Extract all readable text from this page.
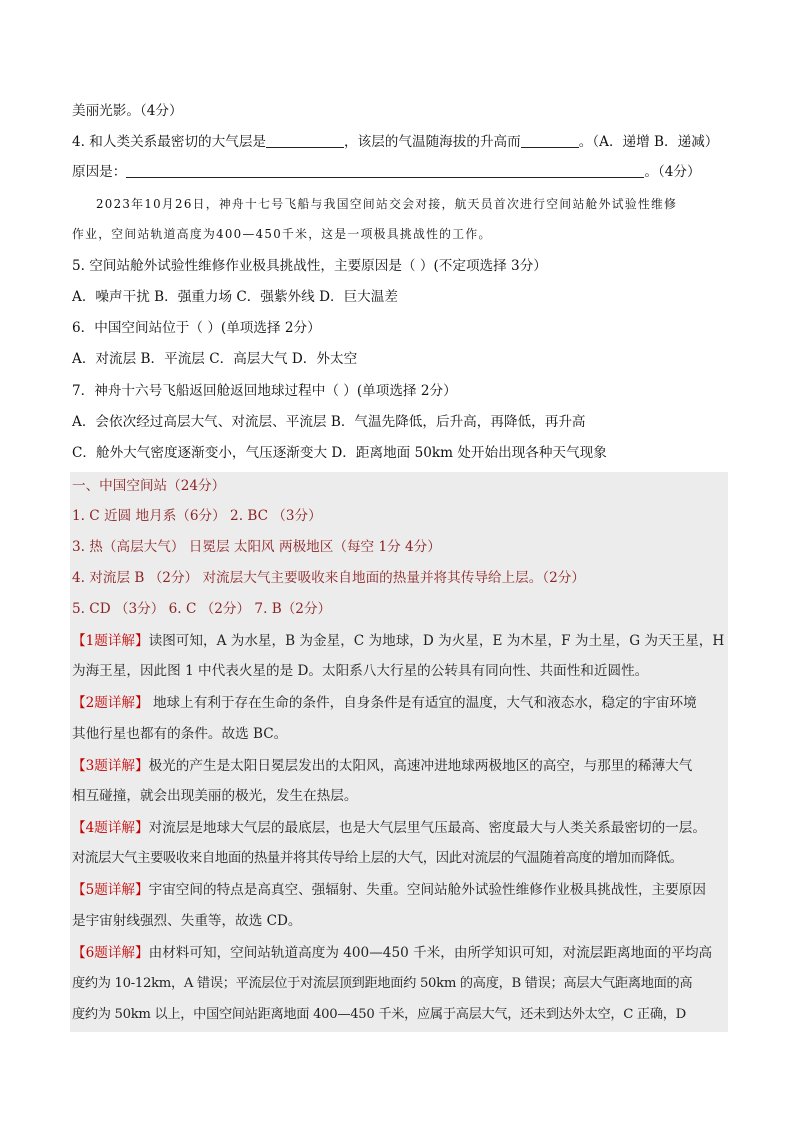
美丽光影。（4分）
4. 和人类关系最密切的大气层是	，该层的气温随海拔的升高而	。（A．递增 B．递减）
原因是：	。（4分）
2023年10月26日，神舟十七号飞船与我国空间站交会对接，航天员首次进行空间站舱外试验性维修
作业，空间站轨道高度为400—450千米，这是一项极具挑战性的工作。
5. 空间站舱外试验性维修作业极具挑战性，主要原因是（ ）(不定项选择 3分）
A．噪声干扰 B．强重力场 C．强紫外线 D．巨大温差
6．中国空间站位于（ ）(单项选择 2分）
A．对流层 B．平流层 C．高层大气 D．外太空
7．神舟十六号飞船返回舱返回地球过程中（ ）(单项选择 2分）
A．会依次经过高层大气、对流层、平流层 B．气温先降低，后升高，再降低，再升高
C．舱外大气密度逐渐变小，气压逐渐变大 D．距离地面 50km 处开始出现各种天气现象
一、中国空间站（24分）
1. C 近圆 地月系（6分） 2. BC （3分）
3. 热（高层大气） 日冕层 太阳风 两极地区（每空 1分 4分）
4. 对流层 B （2分） 对流层大气主要吸收来自地面的热量并将其传导给上层。（2分）
5. CD （3分） 6. C （2分） 7. B（2分）
【1题详解】读图可知，A 为水星，B 为金星，C 为地球，D 为火星，E 为木星，F 为土星，G 为天王星，H
为海王星，因此图 1 中代表火星的是 D。太阳系八大行星的公转具有同向性、共面性和近圆性。
【2题详解】 地球上有利于存在生命的条件，自身条件是有适宜的温度，大气和液态水，稳定的宇宙环境
其他行星也都有的条件。故选 BC。
【3题详解】极光的产生是太阳日冕层发出的太阳风，高速冲进地球两极地区的高空，与那里的稀薄大气
相互碰撞，就会出现美丽的极光，发生在热层。
【4题详解】对流层是地球大气层的最底层，也是大气层里气压最高、密度最大与人类关系最密切的一层。
对流层大气主要吸收来自地面的热量并将其传导给上层的大气，因此对流层的气温随着高度的增加而降低。
【5题详解】宇宙空间的特点是高真空、强辐射、失重。空间站舱外试验性维修作业极具挑战性，主要原因
是宇宙射线强烈、失重等，故选 CD。
【6题详解】由材料可知，空间站轨道高度为 400—450 千米，由所学知识可知，对流层距离地面的平均高
度约为 10-12km，A 错误；平流层位于对流层顶到距地面约 50km 的高度，B 错误；高层大气距离地面的高
度约为 50km 以上，中国空间站距离地面 400—450 千米，应属于高层大气，还未到达外太空，C 正确，D
